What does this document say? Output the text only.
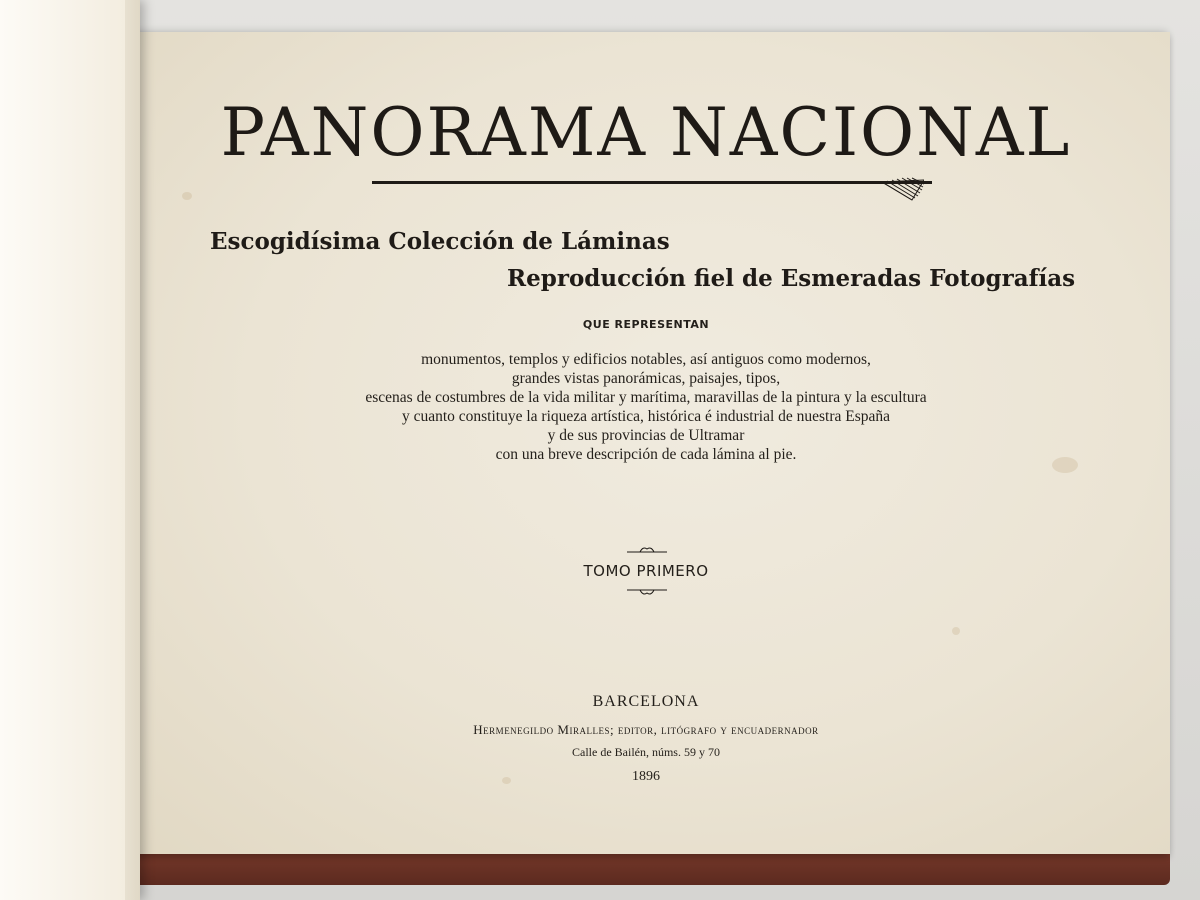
PANORAMA NACIONAL
Escogidísima Colección de Láminas
Reproducción fiel de Esmeradas Fotografías
QUE REPRESENTAN
monumentos, templos y edificios notables, así antiguos como modernos,
grandes vistas panorámicas, paisajes, tipos,
escenas de costumbres de la vida militar y marítima, maravillas de la pintura y la escultura
y cuanto constituye la riqueza artística, histórica é industrial de nuestra España
y de sus provincias de Ultramar
con una breve descripción de cada lámina al pie.
TOMO PRIMERO
BARCELONA
Hermenegildo Miralles; editor, litógrafo y encuadernador
Calle de Bailén, núms. 59 y 70
1896
